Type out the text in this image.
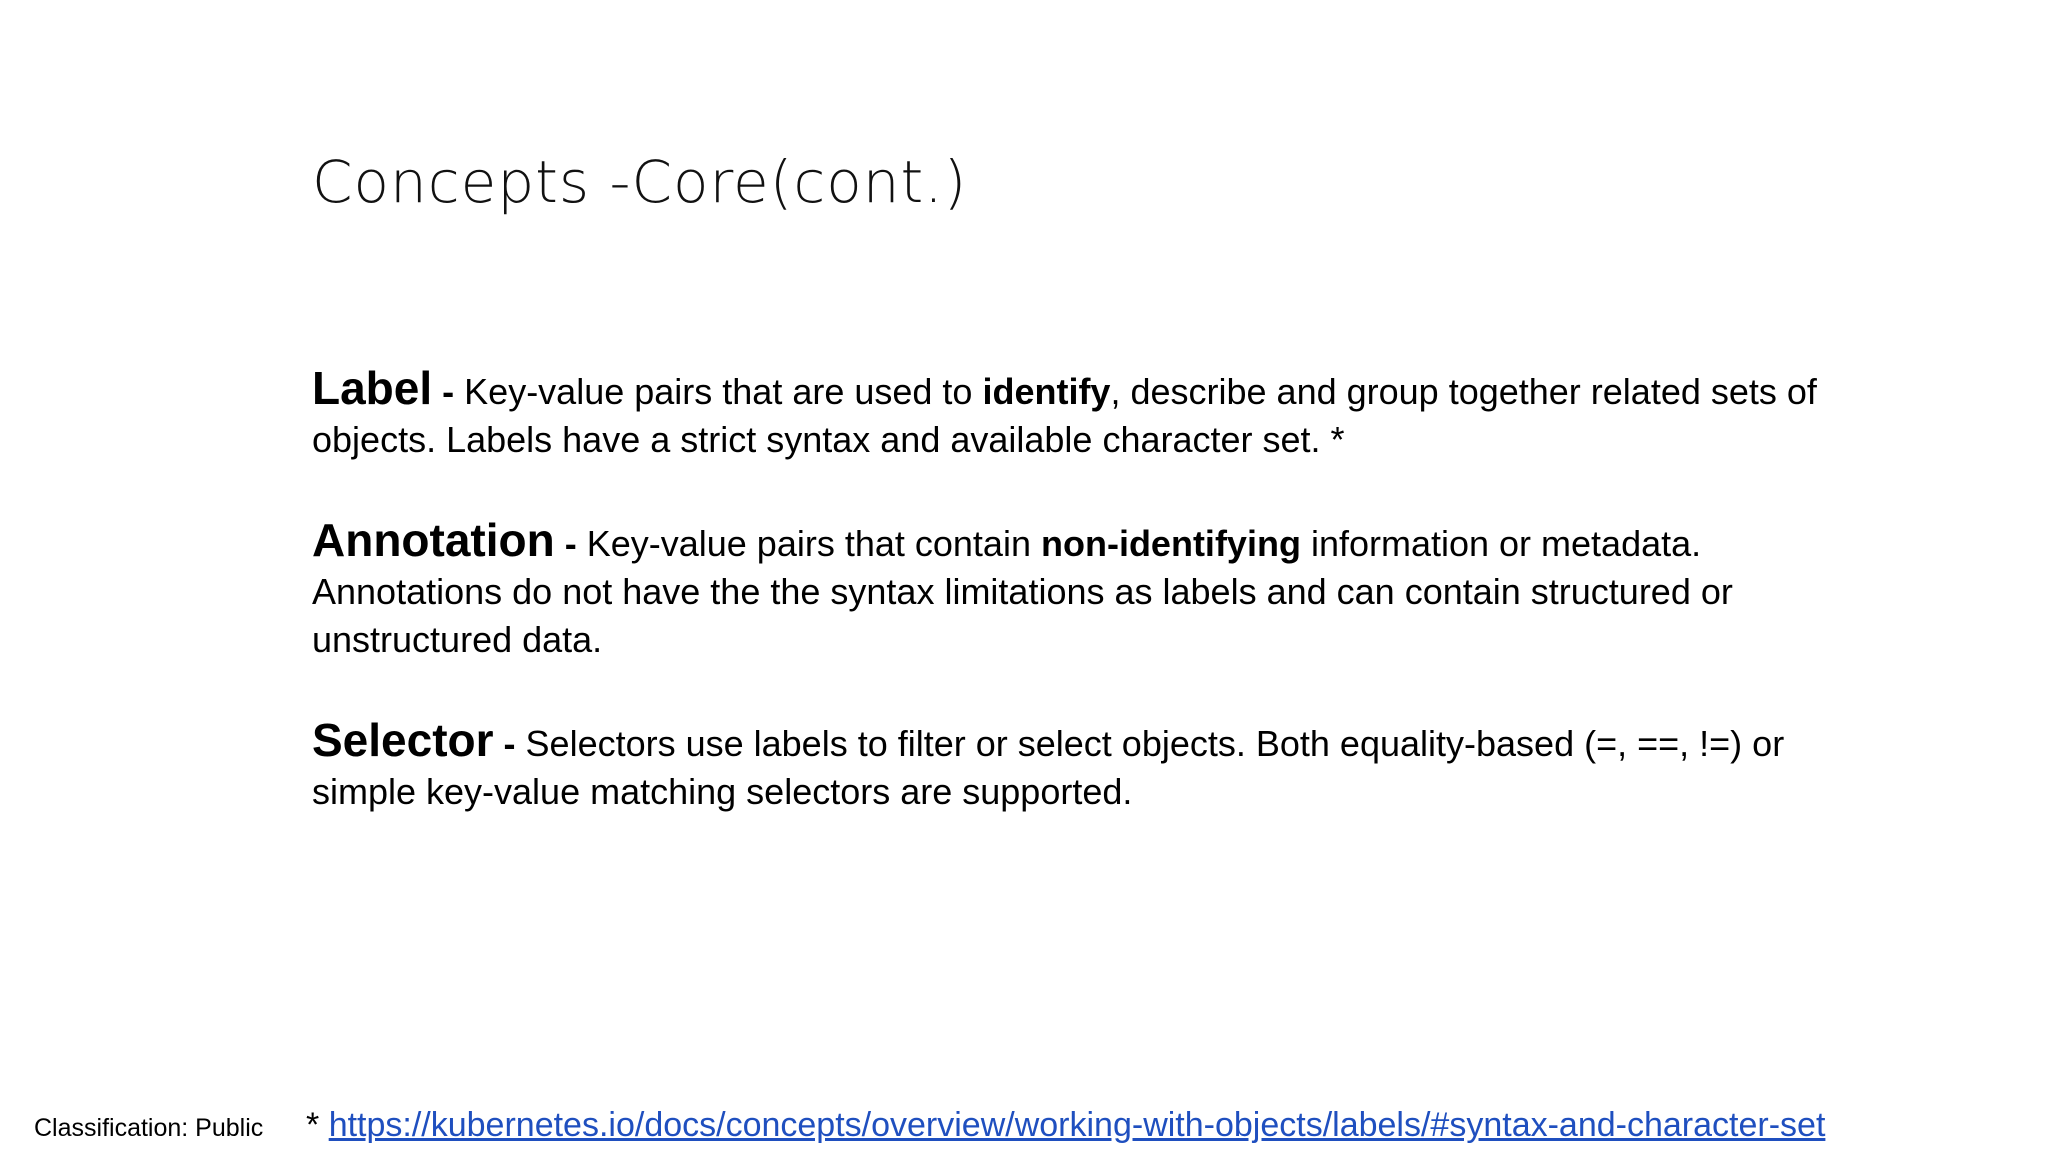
Concepts -Core(cont.)

Label - Key-value pairs that are used to identify, describe and group together related sets of objects. Labels have a strict syntax and available character set. *

Annotation - Key-value pairs that contain non-identifying information or metadata. Annotations do not have the the syntax limitations as labels and can contain structured or unstructured data.

Selector - Selectors use labels to filter or select objects. Both equality-based (=, ==, !=) or simple key-value matching selectors are supported.

Classification: Public * https://kubernetes.io/docs/concepts/overview/working-with-objects/labels/#syntax-and-character-set
